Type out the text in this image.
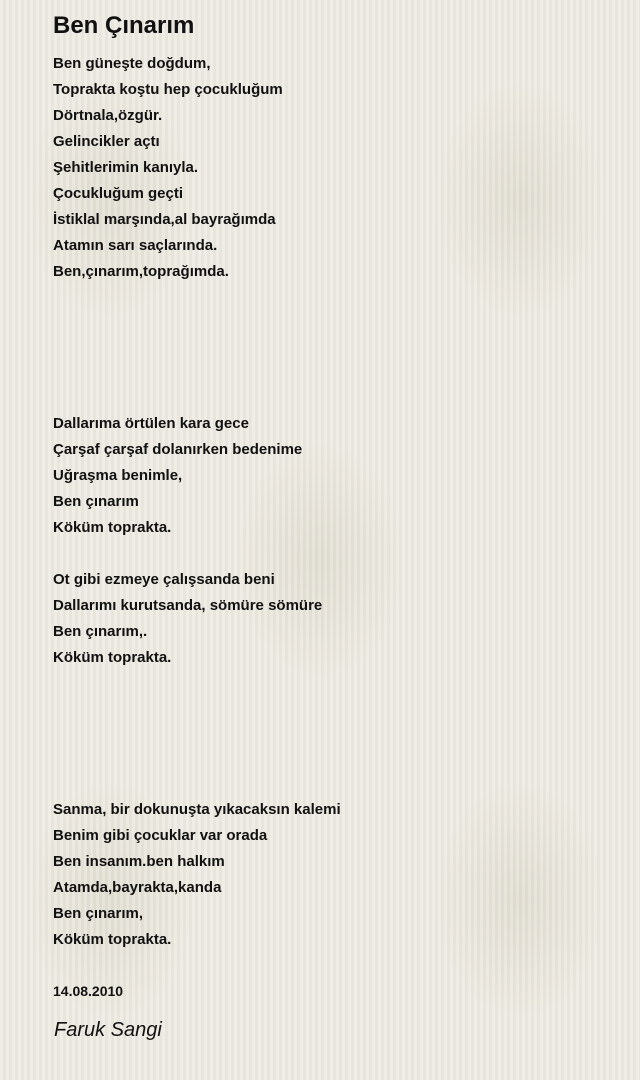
Ben Çınarım
Ben güneşte doğdum,
Toprakta koştu hep çocukluğum
Dörtnala,özgür.
Gelincikler açtı
Şehitlerimin kanıyla.
Çocukluğum geçti
İstiklal marşında,al bayrağımda
Atamın sarı saçlarında.
Ben,çınarım,toprağımda.
Dallarıma örtülen kara gece
Çarşaf çarşaf dolanırken bedenime
Uğraşma benimle,
Ben çınarım
Köküm toprakta.
Ot gibi ezmeye çalışsanda beni
Dallarımı kurutsanda, sömüre sömüre
Ben çınarım,.
Köküm toprakta.
Sanma, bir dokunuşta yıkacaksın kalemi
Benim gibi çocuklar var orada
Ben insanım.ben halkım
Atamda,bayrakta,kanda
Ben çınarım,
Köküm toprakta.
14.08.2010
Faruk Sangi
